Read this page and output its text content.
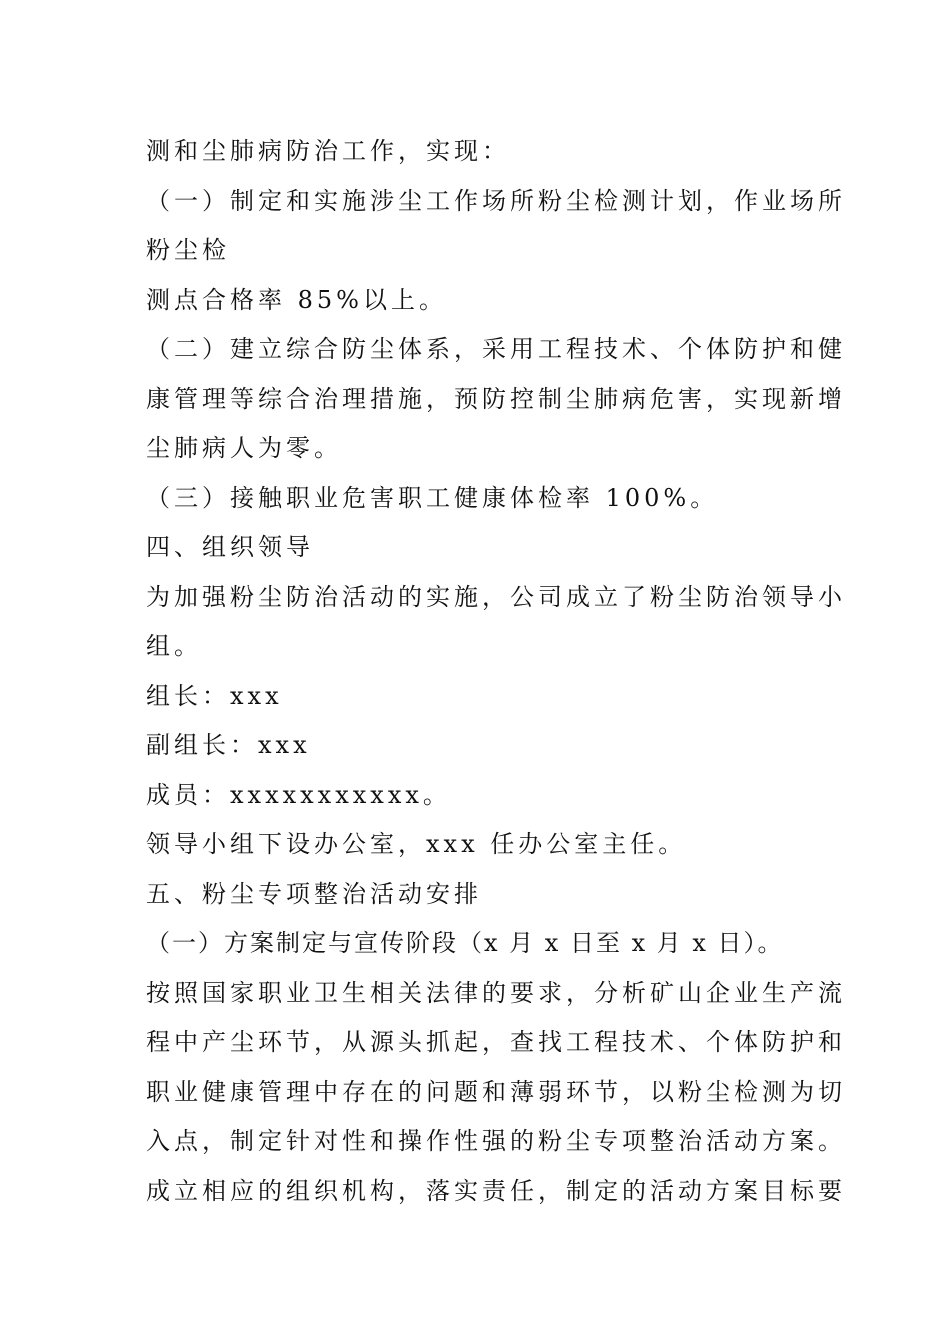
测和尘肺病防治工作，实现：
（一）制定和实施涉尘工作场所粉尘检测计划，作业场所
粉尘检
测点合格率 85%以上。
（二）建立综合防尘体系，采用工程技术、个体防护和健
康管理等综合治理措施，预防控制尘肺病危害，实现新增
尘肺病人为零。
（三）接触职业危害职工健康体检率 100%。
四、组织领导
为加强粉尘防治活动的实施，公司成立了粉尘防治领导小
组。
组长：xxx
副组长：xxx
成员：xxxxxxxxxxx。
领导小组下设办公室，xxx 任办公室主任。
五、粉尘专项整治活动安排
（一）方案制定与宣传阶段（x 月 x 日至 x 月 x 日）。
按照国家职业卫生相关法律的要求，分析矿山企业生产流
程中产尘环节，从源头抓起，查找工程技术、个体防护和
职业健康管理中存在的问题和薄弱环节，以粉尘检测为切
入点，制定针对性和操作性强的粉尘专项整治活动方案。
成立相应的组织机构，落实责任，制定的活动方案目标要
